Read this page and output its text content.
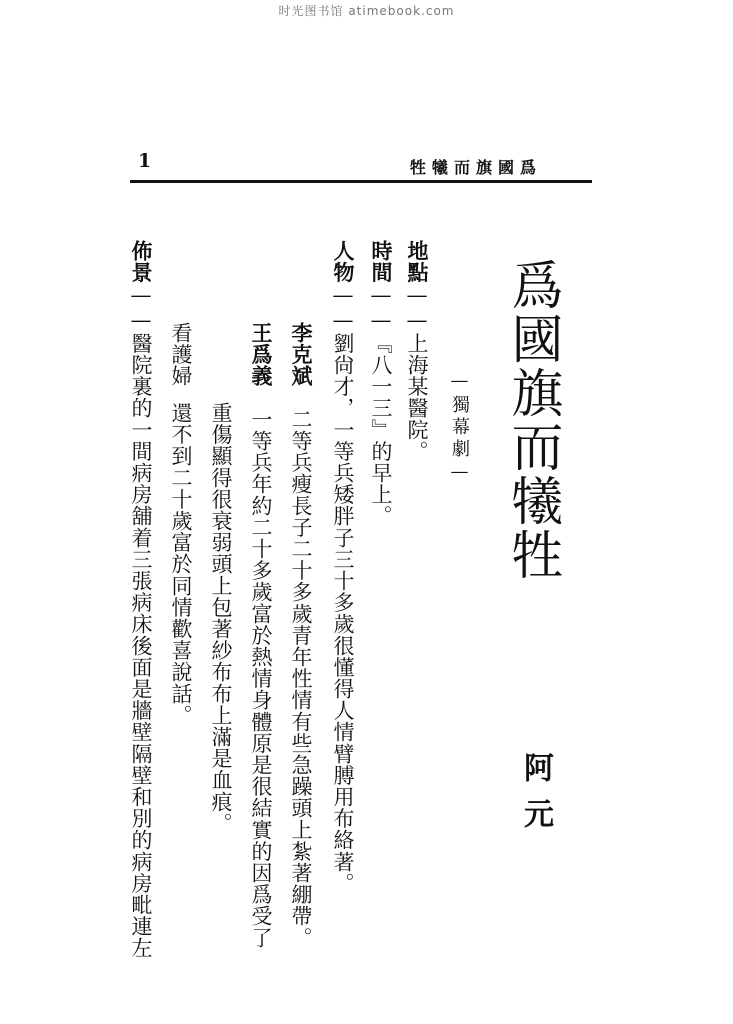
时光图书馆 atimebook.com
1	爲國旗而犧牲
爲國旗而犧牲
—獨幕劇—
阿元
地點——上海某醫院。
時間——『八一三』的早上。
人物——劉尙才，一等兵矮胖子三十多歲很懂得人情臂膊用布絡著。
李克斌　二等兵瘦長子二十多歲青年性情有些急躁頭上紮著綳帶。
王爲義　一等兵年約二十多歲富於熱情身體原是很結實的因爲受了
重傷顯得很衰弱頭上包著紗布布上滿是血痕。
看護婦
還不到二十歲富於同情歡喜說話。
佈景——醫院裏的一間病房舖着三張病床後面是牆壁隔壁和別的病房毗連左
